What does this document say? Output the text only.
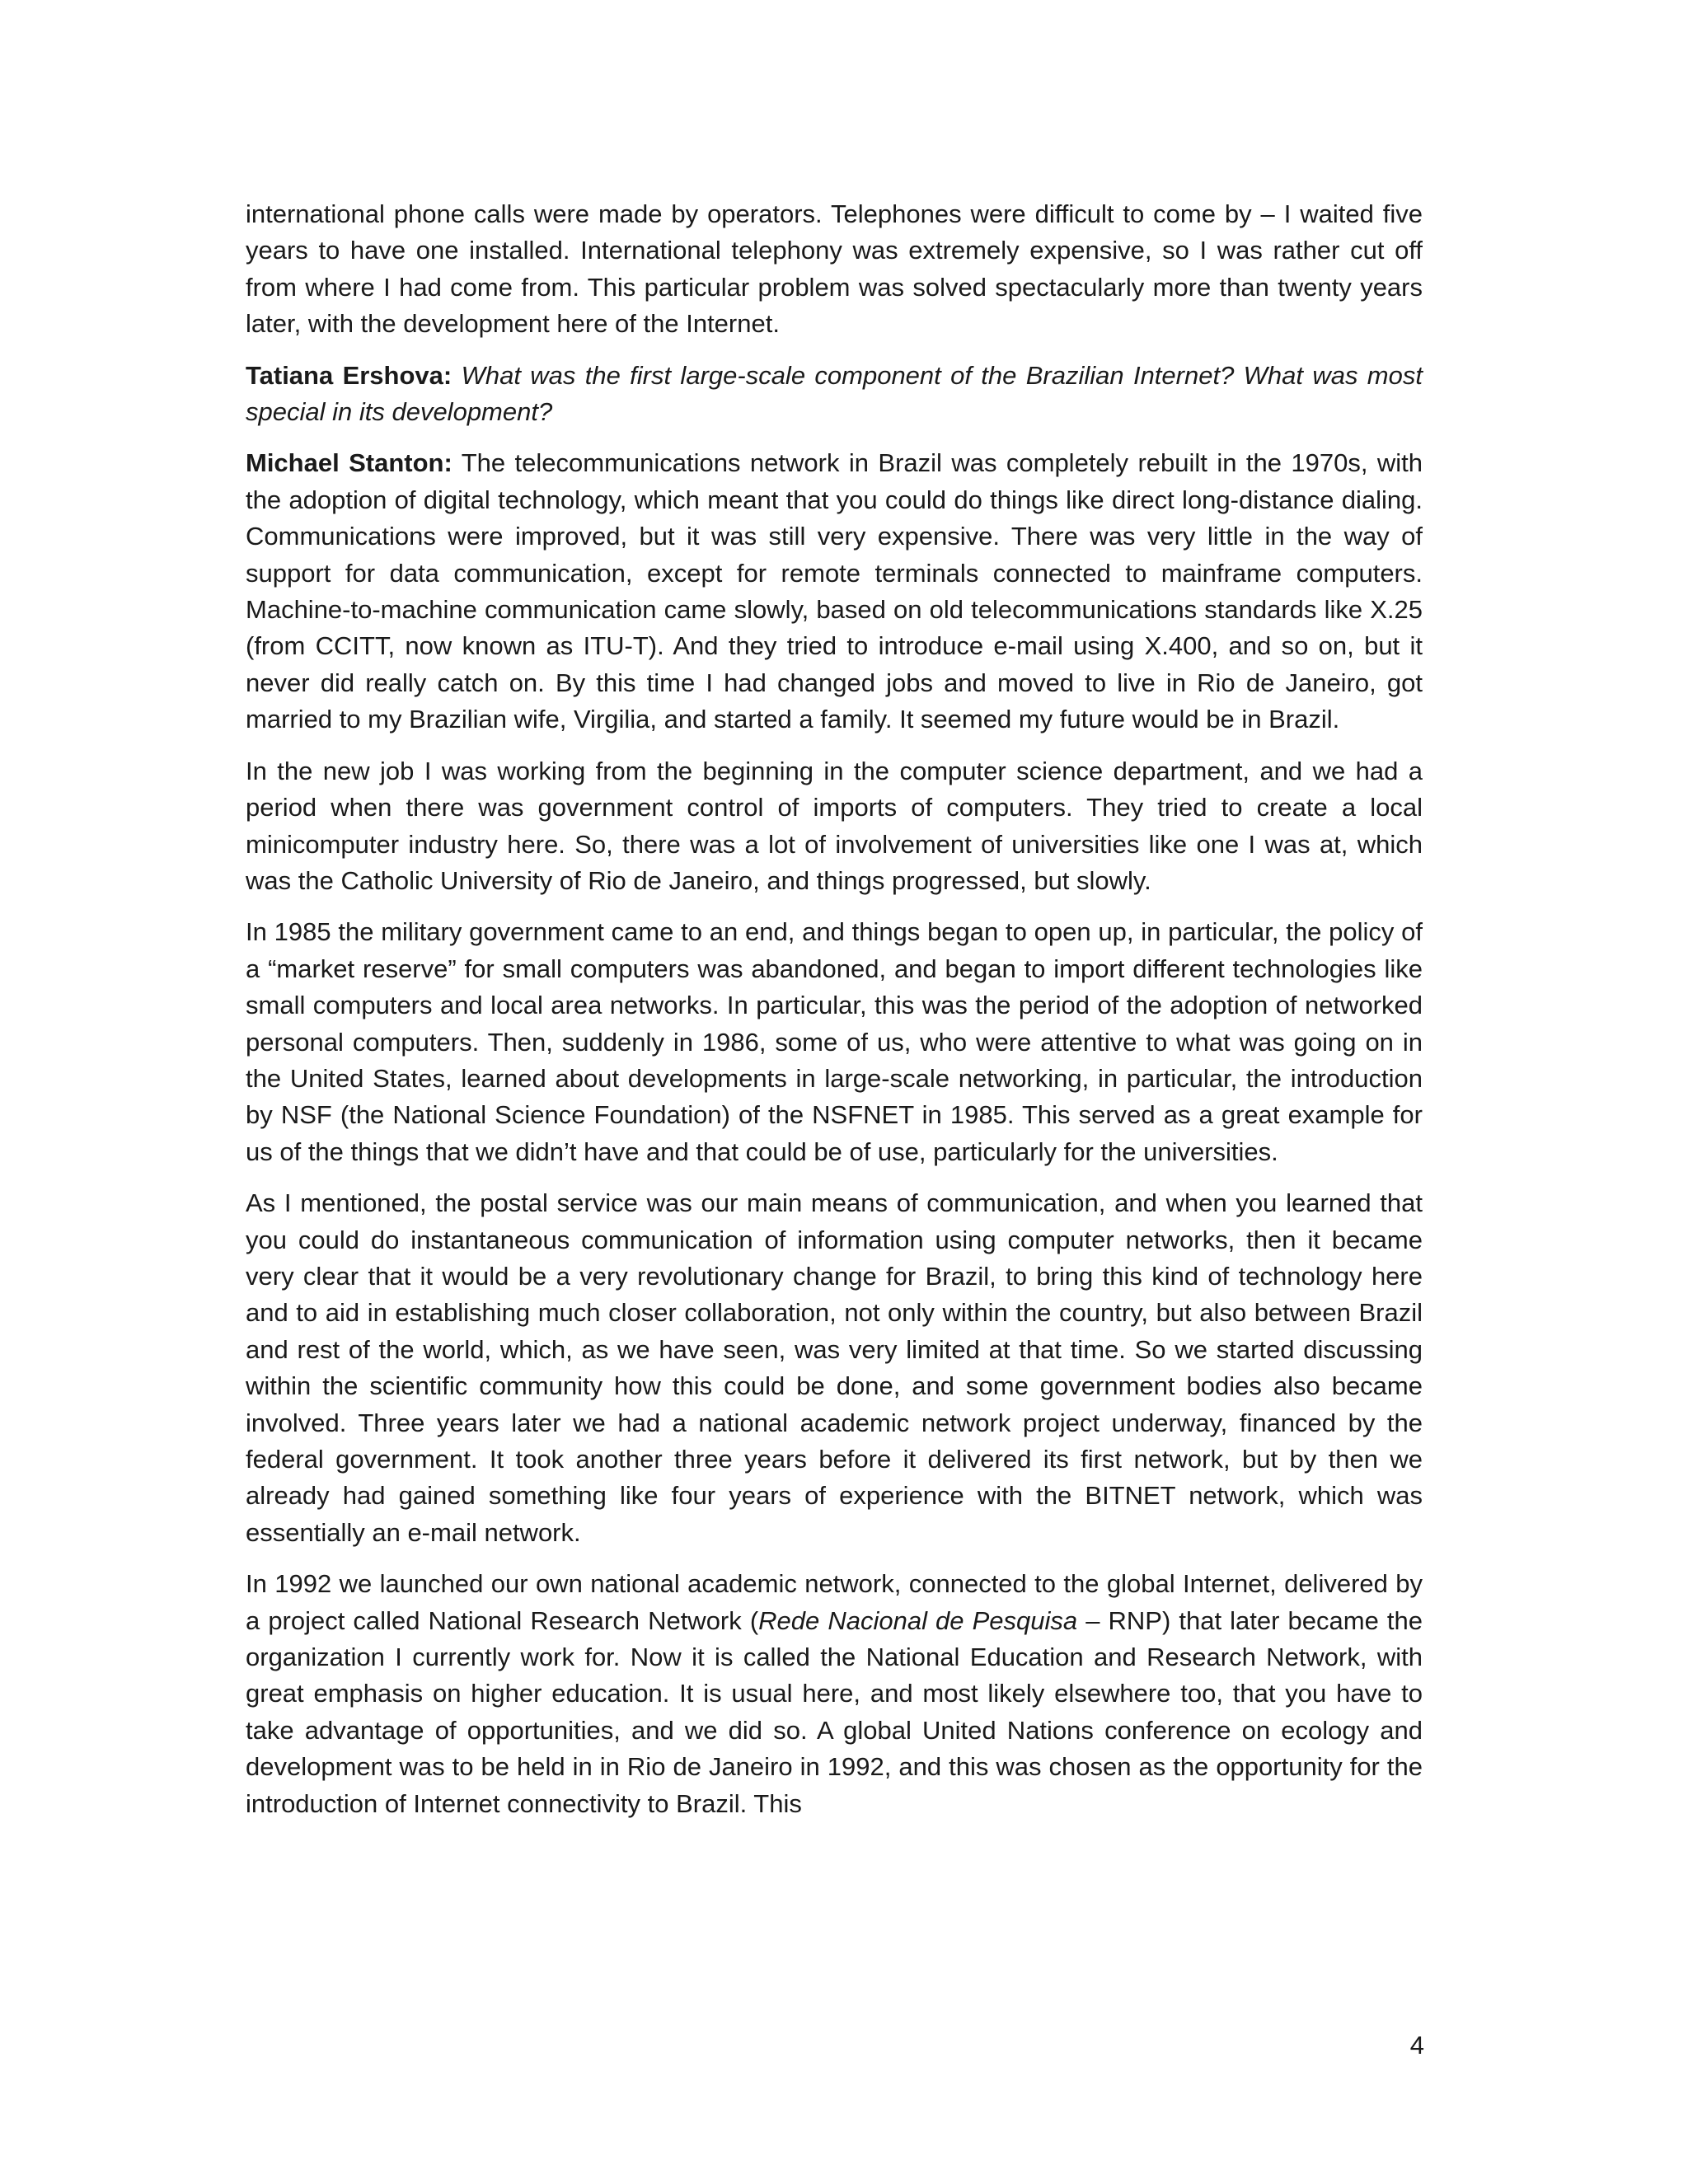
international phone calls were made by operators. Telephones were difficult to come by – I waited five years to have one installed. International telephony was extremely expensive, so I was rather cut off from where I had come from. This particular problem was solved spectacularly more than twenty years later, with the development here of the Internet.

Tatiana Ershova: What was the first large-scale component of the Brazilian Internet? What was most special in its development?

Michael Stanton: The telecommunications network in Brazil was completely rebuilt in the 1970s, with the adoption of digital technology, which meant that you could do things like direct long-distance dialing. Communications were improved, but it was still very expensive. There was very little in the way of support for data communication, except for remote terminals connected to mainframe computers. Machine-to-machine communication came slowly, based on old telecommunications standards like X.25 (from CCITT, now known as ITU-T). And they tried to introduce e-mail using X.400, and so on, but it never did really catch on. By this time I had changed jobs and moved to live in Rio de Janeiro, got married to my Brazilian wife, Virgilia, and started a family. It seemed my future would be in Brazil.

In the new job I was working from the beginning in the computer science department, and we had a period when there was government control of imports of computers. They tried to create a local minicomputer industry here. So, there was a lot of involvement of universities like one I was at, which was the Catholic University of Rio de Janeiro, and things progressed, but slowly.

In 1985 the military government came to an end, and things began to open up, in particular, the policy of a “market reserve” for small computers was abandoned, and began to import different technologies like small computers and local area networks. In particular, this was the period of the adoption of networked personal computers. Then, suddenly in 1986, some of us, who were attentive to what was going on in the United States, learned about developments in large-scale networking, in particular, the introduction by NSF (the National Science Foundation) of the NSFNET in 1985. This served as a great example for us of the things that we didn’t have and that could be of use, particularly for the universities.

As I mentioned, the postal service was our main means of communication, and when you learned that you could do instantaneous communication of information using computer networks, then it became very clear that it would be a very revolutionary change for Brazil, to bring this kind of technology here and to aid in establishing much closer collaboration, not only within the country, but also between Brazil and rest of the world, which, as we have seen, was very limited at that time. So we started discussing within the scientific community how this could be done, and some government bodies also became involved. Three years later we had a national academic network project underway, financed by the federal government. It took another three years before it delivered its first network, but by then we already had gained something like four years of experience with the BITNET network, which was essentially an e-mail network.

In 1992 we launched our own national academic network, connected to the global Internet, delivered by a project called National Research Network (Rede Nacional de Pesquisa – RNP) that later became the organization I currently work for. Now it is called the National Education and Research Network, with great emphasis on higher education. It is usual here, and most likely elsewhere too, that you have to take advantage of opportunities, and we did so. A global United Nations conference on ecology and development was to be held in in Rio de Janeiro in 1992, and this was chosen as the opportunity for the introduction of Internet connectivity to Brazil. This

4
